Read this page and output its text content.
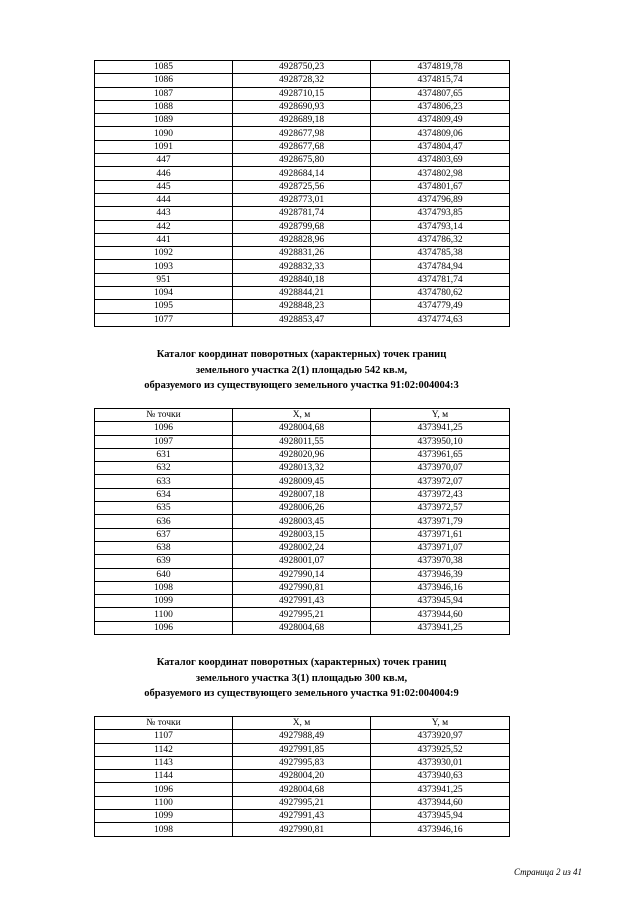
1085	4928750,23	4374819,78
1086	4928728,32	4374815,74
1087	4928710,15	4374807,65
1088	4928690,93	4374806,23
1089	4928689,18	4374809,49
1090	4928677,98	4374809,06
1091	4928677,68	4374804,47
447	4928675,80	4374803,69
446	4928684,14	4374802,98
445	4928725,56	4374801,67
444	4928773,01	4374796,89
443	4928781,74	4374793,85
442	4928799,68	4374793,14
441	4928828,96	4374786,32
1092	4928831,26	4374785,38
1093	4928832,33	4374784,94
951	4928840,18	4374781,74
1094	4928844,21	4374780,62
1095	4928848,23	4374779,49
1077	4928853,47	4374774,63
Каталог координат поворотных (характерных) точек границ
земельного участка 2(1) площадью 542 кв.м,
образуемого из существующего земельного участка 91:02:004004:3
№ точки	X, м	Y, м
1096	4928004,68	4373941,25
1097	4928011,55	4373950,10
631	4928020,96	4373961,65
632	4928013,32	4373970,07
633	4928009,45	4373972,07
634	4928007,18	4373972,43
635	4928006,26	4373972,57
636	4928003,45	4373971,79
637	4928003,15	4373971,61
638	4928002,24	4373971,07
639	4928001,07	4373970,38
640	4927990,14	4373946,39
1098	4927990,81	4373946,16
1099	4927991,43	4373945,94
1100	4927995,21	4373944,60
1096	4928004,68	4373941,25
Каталог координат поворотных (характерных) точек границ
земельного участка 3(1) площадью 300 кв.м,
образуемого из существующего земельного участка 91:02:004004:9
№ точки	X, м	Y, м
1107	4927988,49	4373920,97
1142	4927991,85	4373925,52
1143	4927995,83	4373930,01
1144	4928004,20	4373940,63
1096	4928004,68	4373941,25
1100	4927995,21	4373944,60
1099	4927991,43	4373945,94
1098	4927990,81	4373946,16
Страница 2 из 41
